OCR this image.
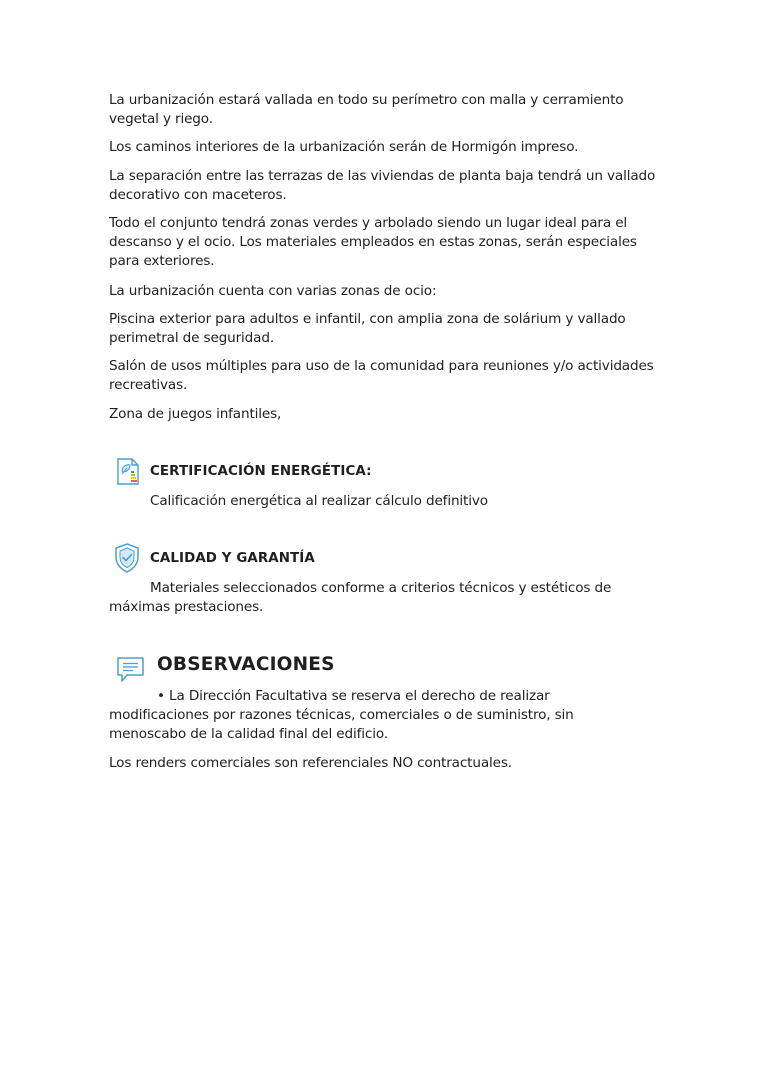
La urbanización estará vallada en todo su perímetro con malla y cerramiento vegetal y riego.

Los caminos interiores de la urbanización serán de Hormigón impreso.

La separación entre las terrazas de las viviendas de planta baja tendrá un vallado decorativo con maceteros.

Todo el conjunto tendrá zonas verdes y arbolado siendo un lugar ideal para el descanso y el ocio. Los materiales empleados en estas zonas, serán especiales para exteriores.

La urbanización cuenta con varias zonas de ocio:

Piscina exterior para adultos e infantil, con amplia zona de solárium y vallado perimetral de seguridad.

Salón de usos múltiples para uso de la comunidad para reuniones y/o actividades recreativas.

Zona de juegos infantiles,

CERTIFICACIÓN ENERGÉTICA:

Calificación energética al realizar cálculo definitivo

CALIDAD Y GARANTÍA

Materiales seleccionados conforme a criterios técnicos y estéticos de

máximas prestaciones.

OBSERVACIONES

• La Dirección Facultativa se reserva el derecho de realizar

modificaciones por razones técnicas, comerciales o de suministro, sin menoscabo de la calidad final del edificio.

Los renders comerciales son referenciales NO contractuales.
